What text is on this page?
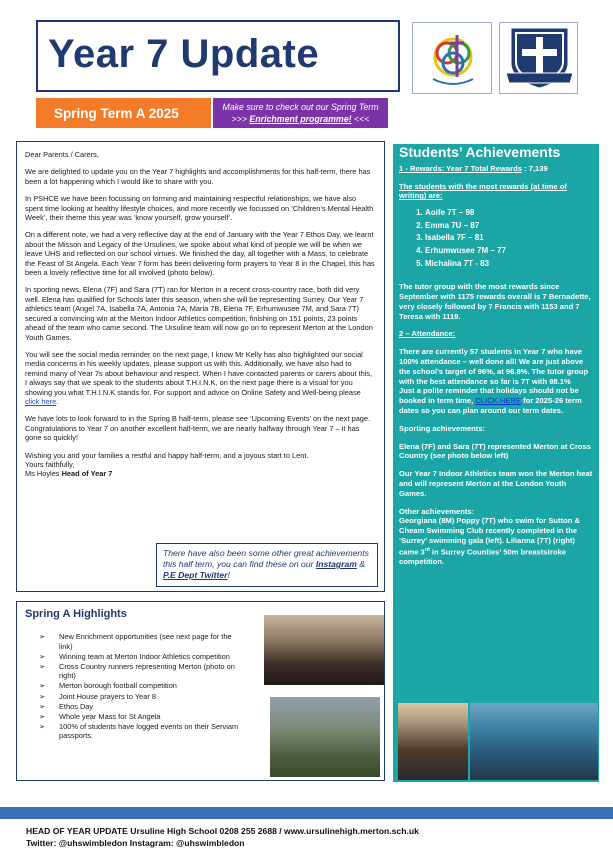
Year 7 Update
Spring Term A 2025	Make sure to check out our Spring Term
>>> Enrichment programme! <<<

Dear Parents / Carers,

We are delighted to update you on the Year 7 highlights and accomplishments for this half-term, there has been a lot happening which I would like to share with you.

In PSHCE we have been focussing on forming and maintaining respectful relationships, we have also spent time looking at healthy lifestyle choices, and more recently we focussed on ‘Children’s Mental Health Week’, their theme this year was ‘know yourself, grow yourself’.

On a different note, we had a very reflective day at the end of January with the Year 7 Ethos Day, we learnt about the Misson and Legacy of the Ursulines, we spoke about what kind of people we will be when we leave UHS and reflected on our school virtues. We finished the day, all together with a Mass, to celebrate the Feast of St Angela. Each Year 7 form has been delivering form prayers to Year 8 in the Chapel, this has been a lovely reflective time for all involved (photo below).

In sporting news, Elena (7F) and Sara (7T) ran for Merton in a recent cross-country race, both did very well. Elena has qualified for Schools later this season, when she will be representing Surrey. Our Year 7 athletics team (Angel 7A, Isabella 7A, Antonia 7A, Maria 7B, Elena 7F, Erhumwusee 7M, and Sara 7T) secured a convincing win at the Merton Indoor Athletics competition, finishing on 151 points, 23 points ahead of the team who came second. The Ursuline team will now go on to represent Merton at the London Youth Games.

You will see the social media reminder on the next page, I know Mr Kelly has also highlighted our social media concerns in his weekly updates, please support us with this. Additionally, we have also had to remind many of Year 7s about behaviour and respect. When I have contacted parents or carers about this, I always say that we speak to the students about T.H.I.N.K, on the next page there is a visual for you showing you what T.H.I.N.K stands for. For support and advice on Online Safety and Well-being please click here.

We have lots to look forward to in the Spring B half-term, please see ‘Upcoming Events’ on the next page. Congratulations to Year 7 on another excellent half-term, we are nearly halfway through Year 7 – it has gone so quickly!

Wishing you and your families a restful and happy half-term, and a joyous start to Lent.

Yours faithfully,

Ms Hoyles Head of Year 7

There have also been some other great achievements this half term, you can find these on our Instagram & P.E Dept Twitter!
Spring A Highlights
➢ New Enrichment opportunities (see next page for the link)
➢ Winning team at Merton Indoor Athletics competition
➢ Cross Country runners representing Merton (photo on right)
➢ Merton borough football competition
➢ Joint House prayers to Year 8
➢ Ethos Day
➢ Whole year Mass for St Angela
➢ 100% of students have logged events on their Serviam passports.
Students’ Achievements

1 - Rewards: Year 7 Total Rewards : 7,139

The students with the most rewards (at time of writing) are:

1. Aoife 7T – 98
2. Emma 7U – 87
3. Isabella 7F – 81
4. Erhumwusee 7M – 77
5. Michalina 7T - 83

The tutor group with the most rewards since September with 1175 rewards overall is 7 Bernadette, very closely followed by 7 Francis with 1153 and 7 Teresa with 1119.

2 – Attendance:

There are currently 57 students in Year 7 who have 100% attendance – well done all! We are just above the school’s target of 96%, at 96.8%. The tutor group with the best attendance so far is 7T with 98.1%
Just a polite reminder that holidays should not be booked in term time, CLICK HERE for 2025-26 term dates so you can plan around our term dates.

Sporting achievements:

Elena (7F) and Sara (7T) represented Merton at Cross Country (see photo below left)

Our Year 7 Indoor Athletics team won the Merton heat and will represent Merton at the London Youth Games.

Other achievements:
Georgiana (8M) Poppy (7T) who swim for Sutton & Cheam Swimming Club recently completed in the ‘Surrey’ swimming gala (left). Lilianna (7T) (right) came 3rd in Surrey Counties’ 50m breaststroke competition.

HEAD OF YEAR UPDATE Ursuline High School 0208 255 2688 / www.ursulinehigh.merton.sch.uk
Twitter: @uhswimbledon Instagram: @uhswimbledon
